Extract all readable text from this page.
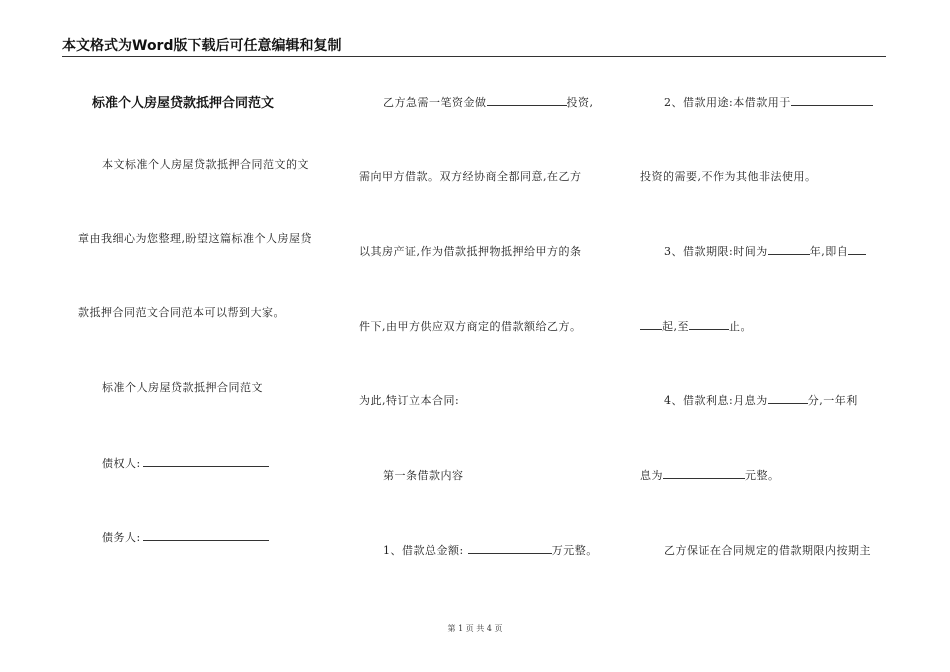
本文格式为Word版下载后可任意编辑和复制
标准个人房屋贷款抵押合同范文
本文标准个人房屋贷款抵押合同范文的文
章由我细心为您整理,盼望这篇标准个人房屋贷
款抵押合同范文合同范本可以帮到大家。
标准个人房屋贷款抵押合同范文
债权人:
债务人:
乙方急需一笔资金做	投资,
需向甲方借款。双方经协商全都同意,在乙方
以其房产证,作为借款抵押物抵押给甲方的条
件下,由甲方供应双方商定的借款额给乙方。
为此,特订立本合同:
第一条借款内容
1、借款总金额:	万元整。
2、借款用途:本借款用于
投资的需要,不作为其他非法使用。
3、借款期限:时间为	年,即自
起,至	止。
4、借款利息:月息为	分,一年利
息为	元整。
乙方保证在合同规定的借款期限内按期主
第 1 页 共 4 页
